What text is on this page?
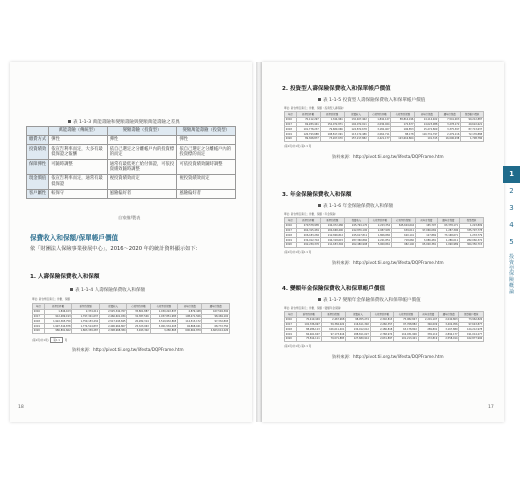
表 1-1-3 萬能壽險和變額壽險與變額萬能壽險之差異
	萬能壽險（傳統型）	變額壽險（投資型）	變額萬能壽險（投資型）
繳費方式	彈性	彈性	彈性
投資績效	依宣告利率而定，大多有最低保證之報酬	依自己選定之分離帳戶內的投資標的而定	依自己選定之分離帳戶內的投資標的而定
保障彈性	可隨時調整	通常有最低死亡給付保證，可依投資績效隨時調整	可依投資績效隨時調整
現金價值	依宣告利率而定，通常有最低保證	視投資績效而定	視投資績效而定
客戶屬性	較保守	風險偏好者	風險偏好者
自家繪/製表
保費收入和保額/保單帳戶價值
依「財團法人保險事業發展中心」，2016～2020 年的統計資料顯示如下：
1. 人壽保險保費收入和保額
表 1-1-4 人壽保險保費收入和保額
單位: 新台幣百萬元；件數、保額
年度	新契約件數	新契約保額	保費收入	有效契約件數	有效契約保額	初年度保費	續年度保費
2016	1,846,103	2,374,211	2,525,342,767	35,801,887	1,030,222,837	4,879,448	167,594,392
2017	912,489,193	1,797,341,637	2,466,601,934	32,387,546	1,937,851,983	198,471,506	98,469,102
2018	1,922,365,750	1,759,153,434	2,517,043,845	20,282,314	3,519,932,865	114,513,172	97,332,893
2019	1,997,344,878	1,774,514,837	2,496,964,807	25,323,963	3,901,534,405	94,868,041	68,772,750
2020	986,891,662	1,863,339,287	2,398,968,384	3,943,302	3,280,865	600,662,879	4,663,614,226
(第1頁/共1頁) 第1 ▾ 頁
資料來源：http://pivot.tii.org.tw/lifesta/DQPFrame.htm
18
2. 投資型人壽保險保費收入和保單帳戶價值
表 1-1-5 投資型人壽保險保費收入和保單帳戶價值
單位: 新台幣百萬元；件數、保額（投資型人壽保險）
年度	新契約件數	新契約保額	保費收入	有效契約件數	有效契約保額	初年度保費	續年度保費	保單帳戶價值
2016	70,112,297	1,344,961	132,407,462	1,842,127	58,814,196	14,114,402	7,541,003	90,212,887
2017	69,283,441	152,072,871	104,072,911	2,036,924	172,677	14,023,988	3,278,172	49,622,621
2018	101,778,237	79,689,066	124,872,678	3,182,407	106,853	15,272,809	3,375,397	87,713,637
2019	126,793,688	108,817,091	113,172,486	2,062,711	88,178	116,731,797	2,279,116	72,176,888
2020	89,368,877	73,207,670	157,217,882	2,421,177	123,616,864	101,315	16,096,038	1,798,786
(第1頁/共1頁) 第1 ▾ 頁
資料來源：http://pivot.tii.org.tw/lifesta/DQPFrame.htm
3. 年金保險保費收入和保額
表 1-1-6 年金保險保費收入和保額
單位: 新台幣百萬元；件數、保額（年金保險）
年度	新契約件數	新契約保額	保費收入	有效契約件數	有效契約保額	初年度保費	續年度保費	保單價值
2016	279,578,985	244,972,486	245,794,170	2,223,354	645,604,644	165,797	63,378,171	1,223,809
2017	264,315,481	204,668,400	242,876,100	2,087,905	639,011	97,066,069	1,287,396	335,797,778
2018	206,183,282	212,806,812	245,617,811	1,806,882	620,141	127,869	73,168,671	1,233,779
2019	234,012,716	194,318,615	287,360,860	2,221,851	718,660	3,086,481	1,286,011	282,060,372
2020	292,239,370	211,653,394	262,480,908	5,000,861	982,140	65,000,381	1,090,989	364,350,715
(第1頁/共1頁) 第1 ▾ 頁
資料來源：http://pivot.tii.org.tw/lifesta/DQPFrame.htm
4. 變額年金保險保費收入和保單帳戶價值
表 1-1-7 變額年金保險保費收入和保單帳戶價值
單位: 新台幣百萬元；件數、保額（變額年金保險）
年度	新契約件數	新契約保額	保費收入	有效契約件數	有效契約保額	初年度保費	續年度保費	保單帳戶價值
2016	70,419,449	2,467,968	98,055,274	2,302,813	75,082,847	2,201,107	2,040,803	73,962,826
2017	102,336,697	59,384,022	116,611,392	2,260,357	97,768,882	346,009	3,402,956	97,643,877
2018	88,286,113	106,011,401	134,012,012	2,186,818	63,178,802	289,891	3,167,880	124,212,978
2019	84,461,607	97,173,616	188,811,027	2,768,974	116,931,906	339,110	2,892,177	191,014,277
2020	75,814,111	79,071,883	127,680,914	2,631,897	101,213,401	272,819	2,558,014	162,877,906
(第1頁/共1頁) 第1 ▾ 頁
資料來源：http://pivot.tii.org.tw/lifesta/DQPFrame.htm
17
1
2
3
4
5
投
資
型
保
險
概
論
